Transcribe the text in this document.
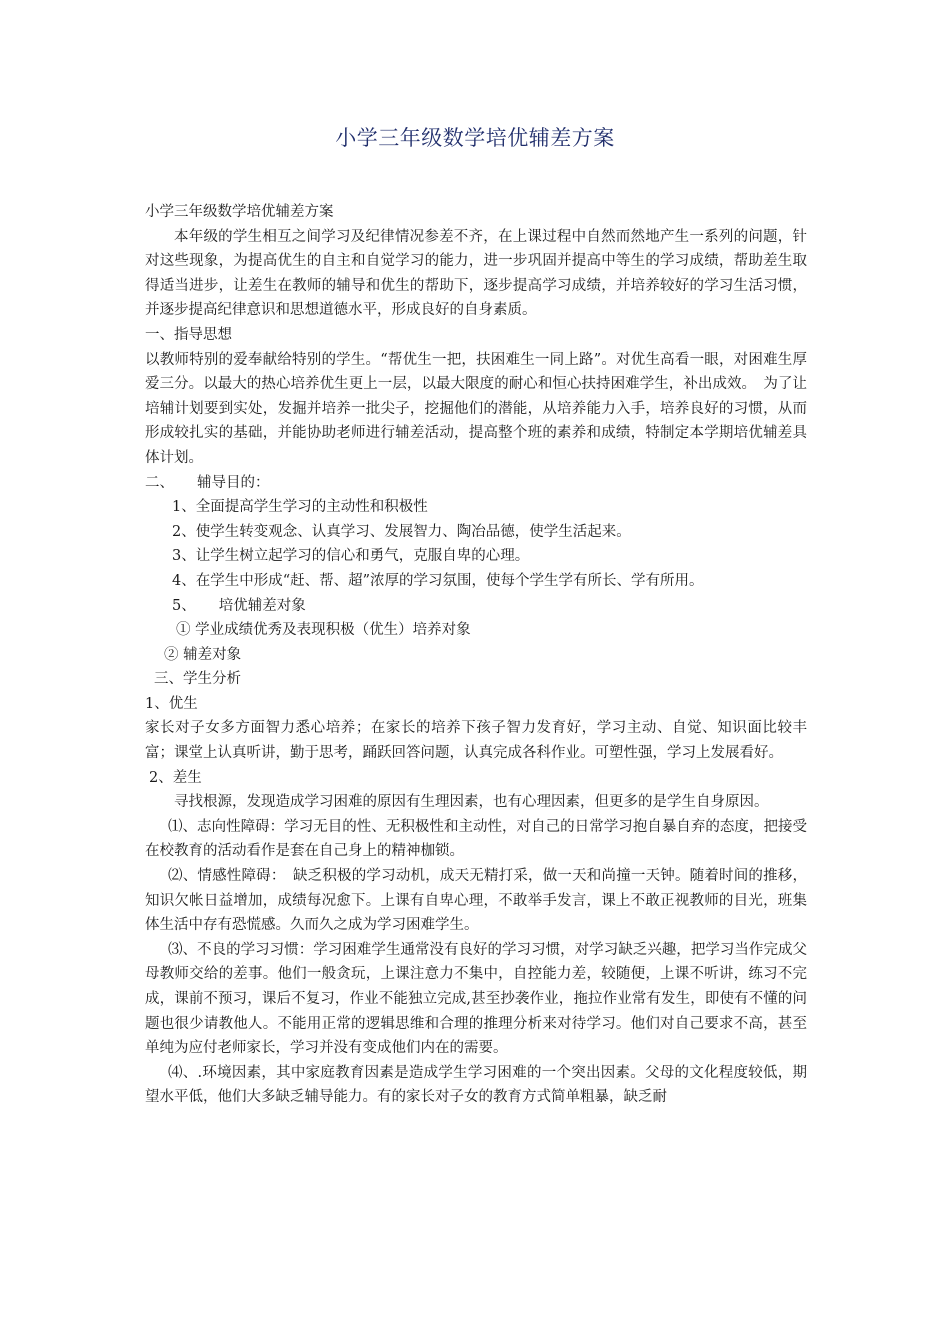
小学三年级数学培优辅差方案

小学三年级数学培优辅差方案

本年级的学生相互之间学习及纪律情况参差不齐，在上课过程中自然而然地产生一系列的问题，针对这些现象，为提高优生的自主和自觉学习的能力，进一步巩固并提高中等生的学习成绩，帮助差生取得适当进步，让差生在教师的辅导和优生的帮助下，逐步提高学习成绩，并培养较好的学习生活习惯，并逐步提高纪律意识和思想道德水平，形成良好的自身素质。

一、指导思想

以教师特别的爱奉献给特别的学生。“帮优生一把，扶困难生一同上路”。对优生高看一眼，对困难生厚爱三分。以最大的热心培养优生更上一层，以最大限度的耐心和恒心扶持困难学生，补出成效。　为了让培辅计划要到实处，发掘并培养一批尖子，挖掘他们的潜能，从培养能力入手，培养良好的习惯，从而形成较扎实的基础，并能协助老师进行辅差活动，提高整个班的素养和成绩，特制定本学期培优辅差具体计划。

二、 辅导目的：

1、全面提高学生学习的主动性和积极性

2、使学生转变观念、认真学习、发展智力、陶冶品德，使学生活起来。

3、让学生树立起学习的信心和勇气，克服自卑的心理。

4、在学生中形成“赶、帮、超”浓厚的学习氛围，使每个学生学有所长、学有所用。

5、 培优辅差对象

① 学业成绩优秀及表现积极（优生）培养对象

② 辅差对象

三、学生分析

1、优生

家长对子女多方面智力悉心培养；在家长的培养下孩子智力发育好，学习主动、自觉、知识面比较丰富；课堂上认真听讲，勤于思考，踊跃回答问题，认真完成各科作业。可塑性强，学习上发展看好。

2、差生

寻找根源，发现造成学习困难的原因有生理因素，也有心理因素，但更多的是学生自身原因。

⑴、志向性障碍：学习无目的性、无积极性和主动性，对自己的日常学习抱自暴自弃的态度，把接受在校教育的活动看作是套在自己身上的精神枷锁。

⑵、情感性障碍：　缺乏积极的学习动机，成天无精打采，做一天和尚撞一天钟。随着时间的推移，知识欠帐日益增加，成绩每况愈下。上课有自卑心理，不敢举手发言，课上不敢正视教师的目光，班集体生活中存有恐慌感。久而久之成为学习困难学生。

⑶、不良的学习习惯：学习困难学生通常没有良好的学习习惯，对学习缺乏兴趣，把学习当作完成父母教师交给的差事。他们一般贪玩，上课注意力不集中，自控能力差，较随便，上课不听讲，练习不完成，课前不预习，课后不复习，作业不能独立完成,甚至抄袭作业，拖拉作业常有发生，即使有不懂的问题也很少请教他人。不能用正常的逻辑思维和合理的推理分析来对待学习。他们对自己要求不高，甚至单纯为应付老师家长，学习并没有变成他们内在的需要。

⑷、.环境因素，其中家庭教育因素是造成学生学习困难的一个突出因素。父母的文化程度较低，期望水平低，他们大多缺乏辅导能力。有的家长对子女的教育方式简单粗暴，缺乏耐
